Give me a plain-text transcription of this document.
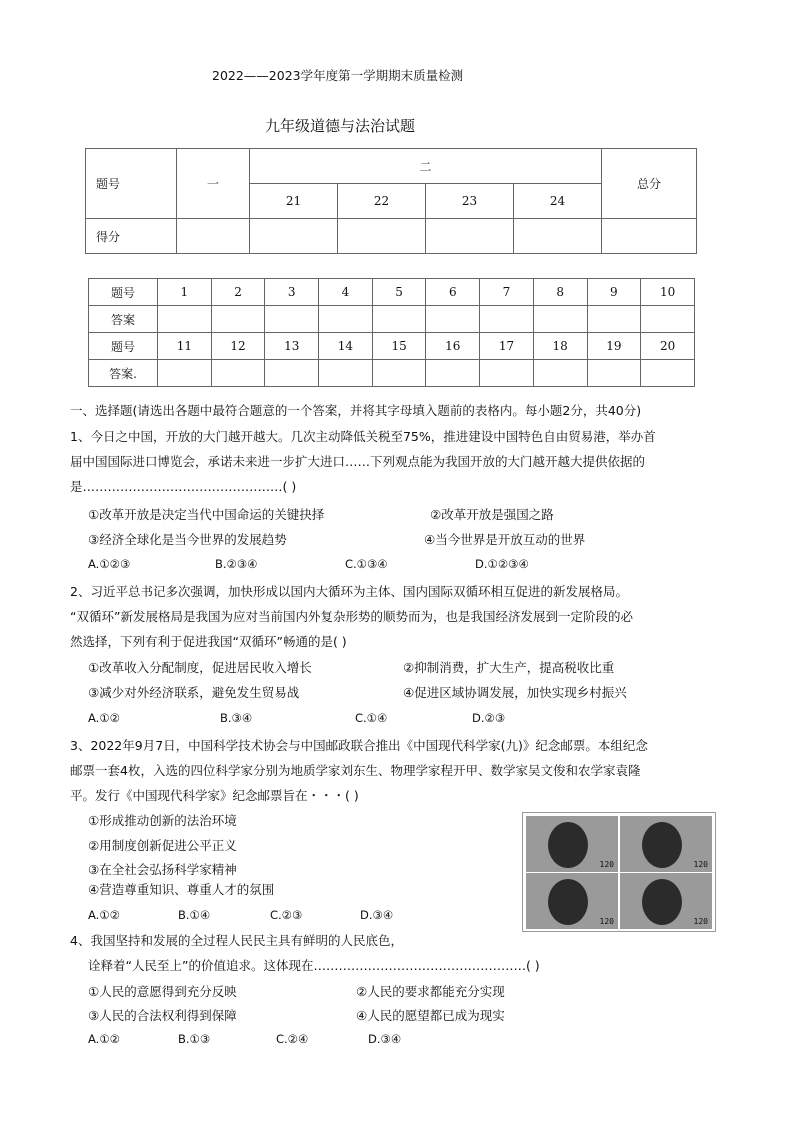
2022——2023学年度第一学期期末质量检测
九年级道德与法治试题
题号	一	二				总分
		21	22	23	24	
得分						
题号	1	2	3	4	5	6	7	8	9	10
答案										
题号	11	12	13	14	15	16	17	18	19	20
答案.										
一、选择题(请选出各题中最符合题意的一个答案，并将其字母填入题前的表格内。每小题2分，共40分)
1、今日之中国，开放的大门越开越大。几次主动降低关税至75%，推进建设中国特色自由贸易港，举办首
届中国国际进口博览会，承诺未来进一步扩大进口……下列观点能为我国开放的大门越开越大提供依据的
是…………………………………………( )
①改革开放是决定当代中国命运的关键抉择	②改革开放是强国之路
③经济全球化是当今世界的发展趋势	④当今世界是开放互动的世界
A.①②③	B.②③④	C.①③④	D.①②③④
2、习近平总书记多次强调，加快形成以国内大循环为主体、国内国际双循环相互促进的新发展格局。
“双循环”新发展格局是我国为应对当前国内外复杂形势的顺势而为，也是我国经济发展到一定阶段的必
然选择，下列有利于促进我国“双循环”畅通的是( )
①改革收入分配制度，促进居民收入增长	②抑制消费，扩大生产，提高税收比重
③减少对外经济联系，避免发生贸易战	④促进区域协调发展，加快实现乡村振兴
A.①②	B.③④	C.①④	D.②③
3、2022年9月7日，中国科学技术协会与中国邮政联合推出《中国现代科学家(九)》纪念邮票。本组纪念
邮票一套4枚，入选的四位科学家分别为地质学家刘东生、物理学家程开甲、数学家吴文俊和农学家袁隆
平。发行《中国现代科学家》纪念邮票旨在・・・( )
①形成推动创新的法治环境
②用制度创新促进公平正义
③在全社会弘扬科学家精神
④营造尊重知识、尊重人才的氛围
A.①②	B.①④	C.②③	D.③④
120	120
120	120
4、我国坚持和发展的全过程人民民主具有鲜明的人民底色，
诠释着“人民至上”的价值追求。这体现在……………………………………………( )
①人民的意愿得到充分反映	②人民的要求都能充分实现
③人民的合法权利得到保障	④人民的愿望都已成为现实
A.①②	B.①③	C.②④	D.③④
